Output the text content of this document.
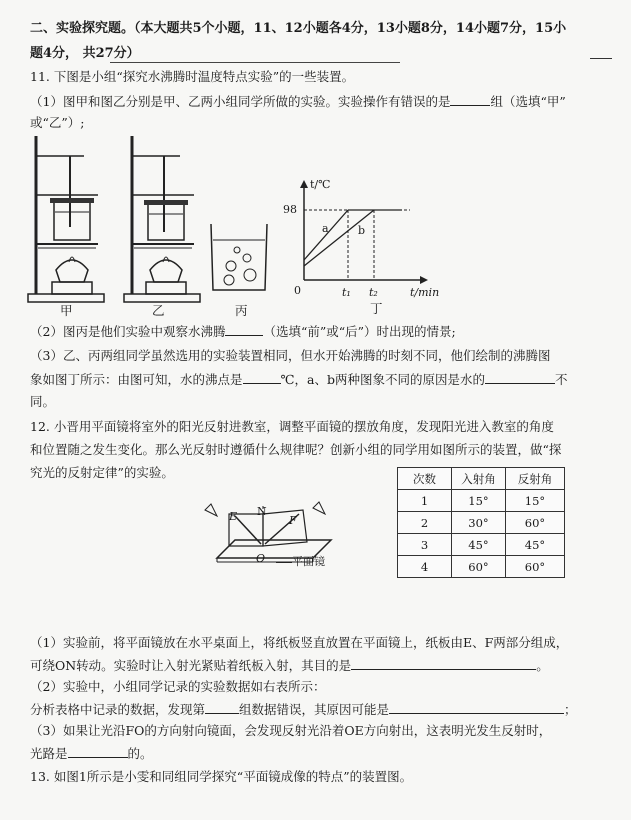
二、实验探究题。（本大题共5个小题，11、12小题各4分，13小题8分，14小题7分，15小
题4分， 共27分）
11. 下图是小组“探究水沸腾时温度特点实验”的一些装置。
（1）图甲和图乙分别是甲、乙两小组同学所做的实验。实验操作有错误的是	组（选填“甲”
或“乙”）;
甲	乙	丙
t/℃
98
0	t₁ t₂	t/min
a	b
丁
（2）图丙是他们实验中观察水沸腾	（选填“前”或“后”）时出现的情景;
（3）乙、丙两组同学虽然选用的实验装置相同，但水开始沸腾的时刻不同，他们绘制的沸腾图
象如图丁所示：由图可知，水的沸点是	℃，a、b两种图象不同的原因是水的	不
同。
12. 小晋用平面镜将室外的阳光反射进教室，调整平面镜的摆放角度，发现阳光进入教室的角度
和位置随之发生变化。那么光反射时遵循什么规律呢？创新小组的同学用如图所示的装置，做“探
究光的反射定律”的实验。
E N
F
O 平面镜
次数	入射角	反射角
1	15°	15°
2	30°	60°
3	45°	45°
4	60°	60°
（1）实验前，将平面镜放在水平桌面上，将纸板竖直放置在平面镜上，纸板由E、F两部分组成，
可绕ON转动。实验时让入射光紧贴着纸板入射，其目的是	。
（2）实验中，小组同学记录的实验数据如右表所示：
分析表格中记录的数据，发现第	组数据错误，其原因可能是	；
（3）如果让光沿FO的方向射向镜面，会发现反射光沿着OE方向射出，这表明光发生反射时，
光路是	的。
13. 如图1所示是小雯和同组同学探究“平面镜成像的特点”的装置图。
